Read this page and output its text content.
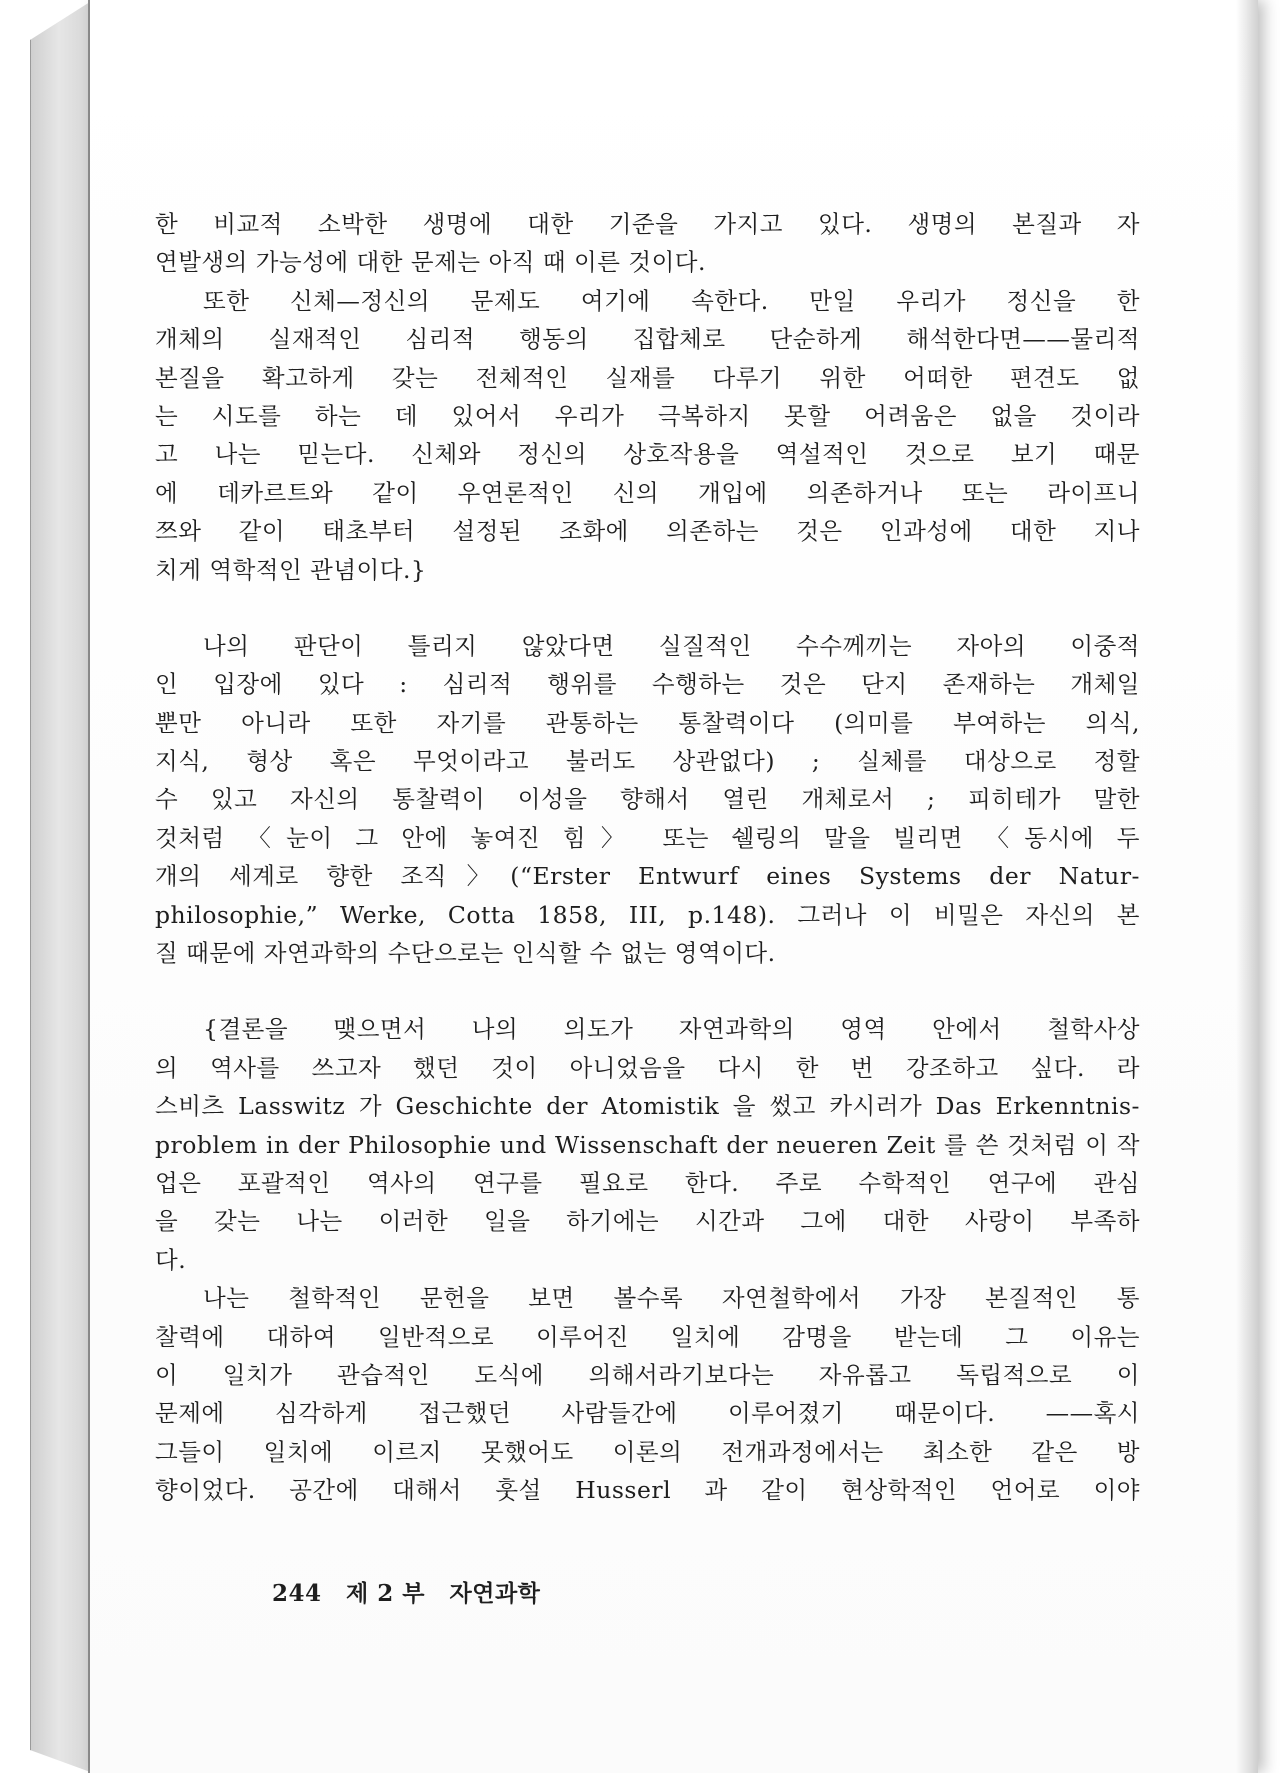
한 비교적 소박한 생명에 대한 기준을 가지고 있다. 생명의 본질과 자
연발생의 가능성에 대한 문제는 아직 때 이른 것이다.
또한 신체—정신의 문제도 여기에 속한다. 만일 우리가 정신을 한
개체의 실재적인 심리적 행동의 집합체로 단순하게 해석한다면——물리적
본질을 확고하게 갖는 전체적인 실재를 다루기 위한 어떠한 편견도 없
는 시도를 하는 데 있어서 우리가 극복하지 못할 어려움은 없을 것이라
고 나는 믿는다. 신체와 정신의 상호작용을 역설적인 것으로 보기 때문
에 데카르트와 같이 우연론적인 신의 개입에 의존하거나 또는 라이프니
쯔와 같이 태초부터 설정된 조화에 의존하는 것은 인과성에 대한 지나
치게 역학적인 관념이다.}
나의 판단이 틀리지 않았다면 실질적인 수수께끼는 자아의 이중적
인 입장에 있다 : 심리적 행위를 수행하는 것은 단지 존재하는 개체일
뿐만 아니라 또한 자기를 관통하는 통찰력이다 (의미를 부여하는 의식,
지식, 형상 혹은 무엇이라고 불러도 상관없다) ; 실체를 대상으로 정할
수 있고 자신의 통찰력이 이성을 향해서 열린 개체로서 ; 피히테가 말한
것처럼 〈눈이 그 안에 놓여진 힘〉 또는 쉘링의 말을 빌리면 〈동시에 두
개의 세계로 향한 조직〉(“Erster Entwurf eines Systems der Natur-
philosophie,” Werke, Cotta 1858, III, p.148). 그러나 이 비밀은 자신의 본
질 때문에 자연과학의 수단으로는 인식할 수 없는 영역이다.
{결론을 맺으면서 나의 의도가 자연과학의 영역 안에서 철학사상
의 역사를 쓰고자 했던 것이 아니었음을 다시 한 번 강조하고 싶다. 라
스비츠 Lasswitz 가 Geschichte der Atomistik 을 썼고 카시러가 Das Erkenntnis-
problem in der Philosophie und Wissenschaft der neueren Zeit 를 쓴 것처럼 이 작
업은 포괄적인 역사의 연구를 필요로 한다. 주로 수학적인 연구에 관심
을 갖는 나는 이러한 일을 하기에는 시간과 그에 대한 사랑이 부족하
다.
나는 철학적인 문헌을 보면 볼수록 자연철학에서 가장 본질적인 통
찰력에 대하여 일반적으로 이루어진 일치에 감명을 받는데 그 이유는
이 일치가 관습적인 도식에 의해서라기보다는 자유롭고 독립적으로 이
문제에 심각하게 접근했던 사람들간에 이루어졌기 때문이다. ——혹시
그들이 일치에 이르지 못했어도 이론의 전개과정에서는 최소한 같은 방
향이었다. 공간에 대해서 훗설 Husserl 과 같이 현상학적인 언어로 이야
244 제 2 부 자연과학
